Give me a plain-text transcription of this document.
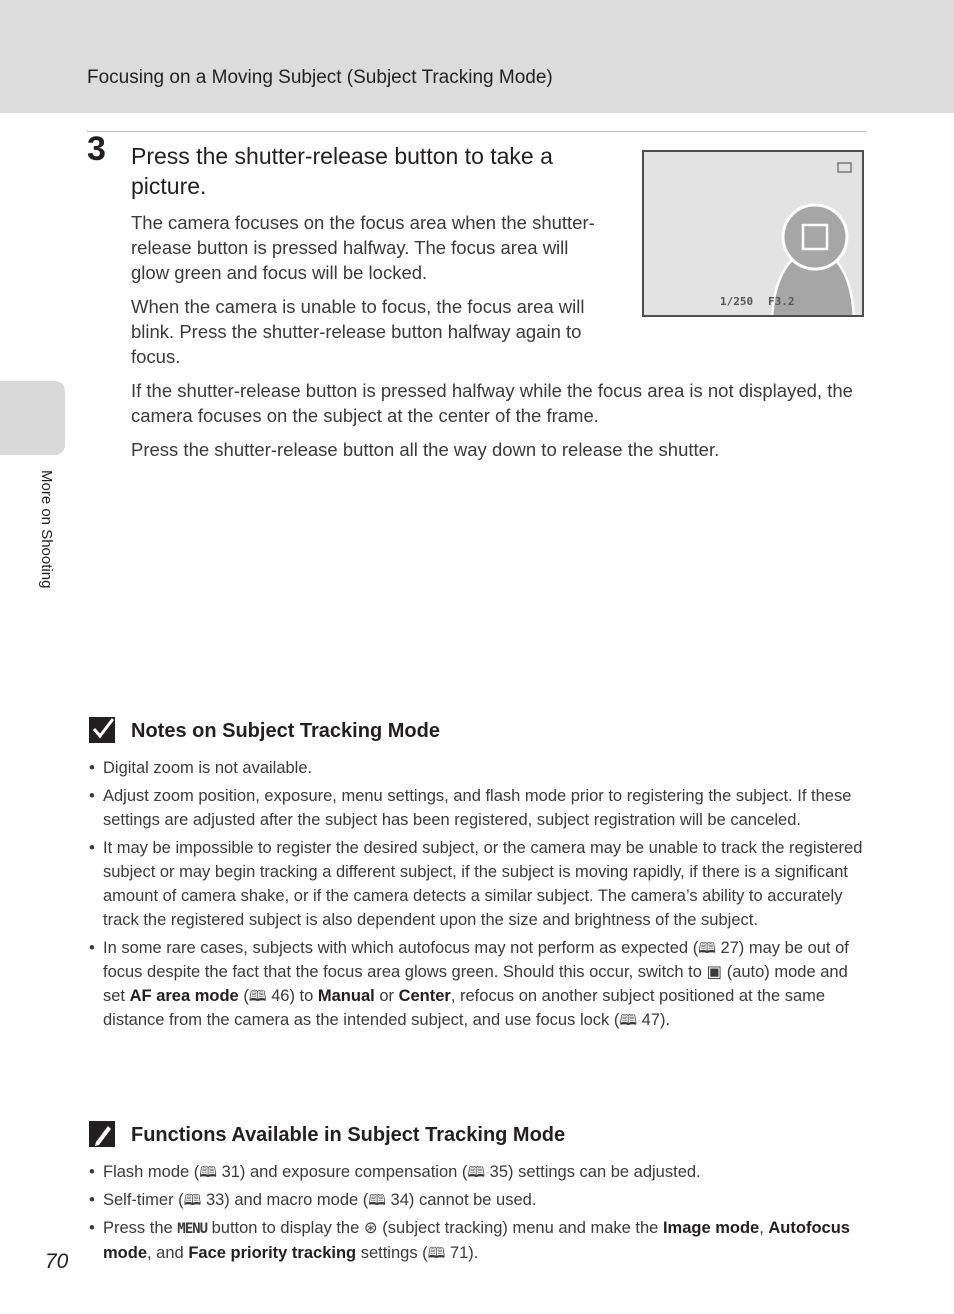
Focusing on a Moving Subject (Subject Tracking Mode)
More on Shooting
3 Press the shutter-release button to take a picture.
The camera focuses on the focus area when the shutter-release button is pressed halfway. The focus area will glow green and focus will be locked.
When the camera is unable to focus, the focus area will blink. Press the shutter-release button halfway again to focus.
If the shutter-release button is pressed halfway while the focus area is not displayed, the camera focuses on the subject at the center of the frame.
Press the shutter-release button all the way down to release the shutter.
1/250 F3.2
Notes on Subject Tracking Mode
• Digital zoom is not available.
• Adjust zoom position, exposure, menu settings, and flash mode prior to registering the subject. If these settings are adjusted after the subject has been registered, subject registration will be canceled.
• It may be impossible to register the desired subject, or the camera may be unable to track the registered subject or may begin tracking a different subject, if the subject is moving rapidly, if there is a significant amount of camera shake, or if the camera detects a similar subject. The camera’s ability to accurately track the registered subject is also dependent upon the size and brightness of the subject.
• In some rare cases, subjects with which autofocus may not perform as expected (🕮 27) may be out of focus despite the fact that the focus area glows green. Should this occur, switch to ▣ (auto) mode and set AF area mode (🕮 46) to Manual or Center, refocus on another subject positioned at the same distance from the camera as the intended subject, and use focus lock (🕮 47).
Functions Available in Subject Tracking Mode
• Flash mode (🕮 31) and exposure compensation (🕮 35) settings can be adjusted.
• Self-timer (🕮 33) and macro mode (🕮 34) cannot be used.
• Press the MENU button to display the ⊛ (subject tracking) menu and make the Image mode, Autofocus mode, and Face priority tracking settings (🕮 71).
70
